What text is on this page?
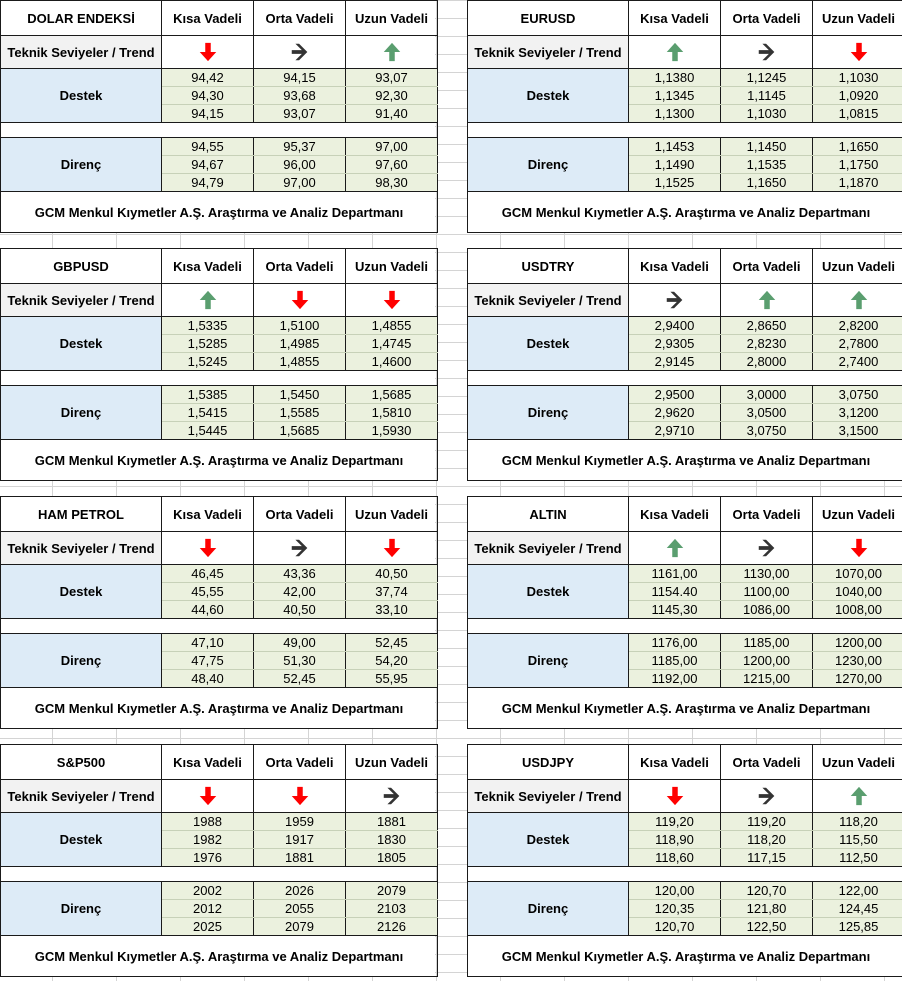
DOLAR ENDEKSİ	Kısa Vadeli	Orta Vadeli	Uzun Vadeli
Teknik Seviyeler / Trend			
Destek	94,42	94,15	93,07
	94,30	93,68	92,30
	94,15	93,07	91,40

Direnç	94,55	95,37	97,00
	94,67	96,00	97,60
	94,79	97,00	98,30
GCM Menkul Kıymetler A.Ş. Araştırma ve Analiz Departmanı			
EURUSD	Kısa Vadeli	Orta Vadeli	Uzun Vadeli
Teknik Seviyeler / Trend			
Destek	1,1380	1,1245	1,1030
	1,1345	1,1145	1,0920
	1,1300	1,1030	1,0815

Direnç	1,1453	1,1450	1,1650
	1,1490	1,1535	1,1750
	1,1525	1,1650	1,1870
GCM Menkul Kıymetler A.Ş. Araştırma ve Analiz Departmanı			
GBPUSD	Kısa Vadeli	Orta Vadeli	Uzun Vadeli
Teknik Seviyeler / Trend			
Destek	1,5335	1,5100	1,4855
	1,5285	1,4985	1,4745
	1,5245	1,4855	1,4600

Direnç	1,5385	1,5450	1,5685
	1,5415	1,5585	1,5810
	1,5445	1,5685	1,5930
GCM Menkul Kıymetler A.Ş. Araştırma ve Analiz Departmanı			
USDTRY	Kısa Vadeli	Orta Vadeli	Uzun Vadeli
Teknik Seviyeler / Trend			
Destek	2,9400	2,8650	2,8200
	2,9305	2,8230	2,7800
	2,9145	2,8000	2,7400

Direnç	2,9500	3,0000	3,0750
	2,9620	3,0500	3,1200
	2,9710	3,0750	3,1500
GCM Menkul Kıymetler A.Ş. Araştırma ve Analiz Departmanı			
HAM PETROL	Kısa Vadeli	Orta Vadeli	Uzun Vadeli
Teknik Seviyeler / Trend			
Destek	46,45	43,36	40,50
	45,55	42,00	37,74
	44,60	40,50	33,10

Direnç	47,10	49,00	52,45
	47,75	51,30	54,20
	48,40	52,45	55,95
GCM Menkul Kıymetler A.Ş. Araştırma ve Analiz Departmanı			
ALTIN	Kısa Vadeli	Orta Vadeli	Uzun Vadeli
Teknik Seviyeler / Trend			
Destek	1161,00	1130,00	1070,00
	1154.40	1100,00	1040,00
	1145,30	1086,00	1008,00

Direnç	1176,00	1185,00	1200,00
	1185,00	1200,00	1230,00
	1192,00	1215,00	1270,00
GCM Menkul Kıymetler A.Ş. Araştırma ve Analiz Departmanı			
S&P500	Kısa Vadeli	Orta Vadeli	Uzun Vadeli
Teknik Seviyeler / Trend			
Destek	1988	1959	1881
	1982	1917	1830
	1976	1881	1805

Direnç	2002	2026	2079
	2012	2055	2103
	2025	2079	2126
GCM Menkul Kıymetler A.Ş. Araştırma ve Analiz Departmanı			
USDJPY	Kısa Vadeli	Orta Vadeli	Uzun Vadeli
Teknik Seviyeler / Trend			
Destek	119,20	119,20	118,20
	118,90	118,20	115,50
	118,60	117,15	112,50

Direnç	120,00	120,70	122,00
	120,35	121,80	124,45
	120,70	122,50	125,85
GCM Menkul Kıymetler A.Ş. Araştırma ve Analiz Departmanı			
